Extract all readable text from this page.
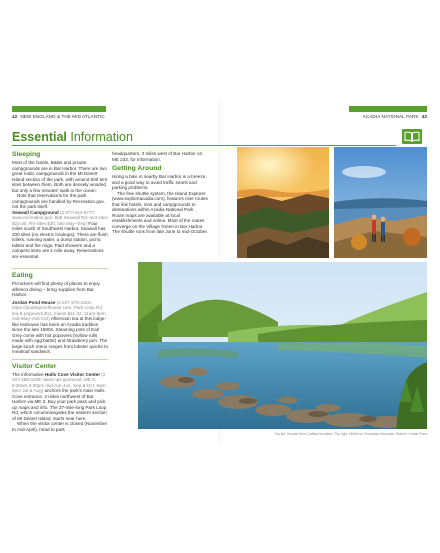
42 NEW ENGLAND & THE MID ATLANTIC	ACADIA NATIONAL PARK 43
Essential Information
Sleeping

Most of the hotels, B&Bs and private campgrounds are in Bar Harbor. There are two great rustic campgrounds in the Mt Desert Island section of the park, with around 500 tent sites between them. Both are densely wooded but only a few minutes' walk to the ocean.

Note that reservations for the park campgrounds are handled by Recreation.gov, not the park itself.

Seawall Campground (2 877-444-6777; www.recreation.gov; 668 Seawall Rd; tent sites $22-30, RV sites $30; late May–Sep) Four miles south of Southwest Harbor, Seawall has 200 sites (no electric hookups). There are flush toilets, running water, a dump station, picnic tables and fire rings. Paid showers and a campers store are 1 mile away. Reservations are essential.

Eating

Picnickers will find plenty of places to enjoy alfresco dining – bring supplies from Bar Harbor.

Jordan Pond House (2 207-276-3316; https://jordanpondhouse.com; Park Loop Rd; tea & popovers $11, mains $11-32; 11am-9pm mid-May–mid-Oct) Afternoon tea at this lodge-like teahouse has been an Acadia tradition since the late 1800s. Steaming pots of Earl Grey come with hot popovers (hollow rolls made with egg batter) and strawberry jam. The large lunch menu ranges from lobster quiche to meatloaf sandwich.

Visitor Center

The informative Hulls Cove Visitor Center (2 207-288-3338; www.nps.gov/acad; ME 3; 8:30am-4:30pm mid-Apr-Jun, Sep & Oct, 8am-6pm Jul & Aug) anchors the park's main Hulls Cove entrance, 3 miles northwest of Bar Harbor via ME 3. Buy your park pass and pick up maps and info. The 27-mile-long Park Loop Rd, which circumnavigates the eastern section of Mt Desert Island, starts near here.

When the visitor center is closed (November to mid-April), head to park

headquarters, 3 miles west of Bar Harbor on ME 233, for information.

Getting Around

Hiring a bike in nearby Bar Harbor is a breeze, and a good way to avoid traffic snarls and parking problems.

The free shuttle system, the Island Explorer (www.exploreacadia.com), features nine routes that link hotels, inns and campgrounds to destinations within Acadia National Park. Route maps are available at local establishments and online. Most of the routes converge on the Village Green in Bar Harbor. The shuttle runs from late June to mid-October.

Top left: Sunrise from Cadillac Mountain; Top right: Hikers on Champlain Mountain; Bottom: Jordan Pond
